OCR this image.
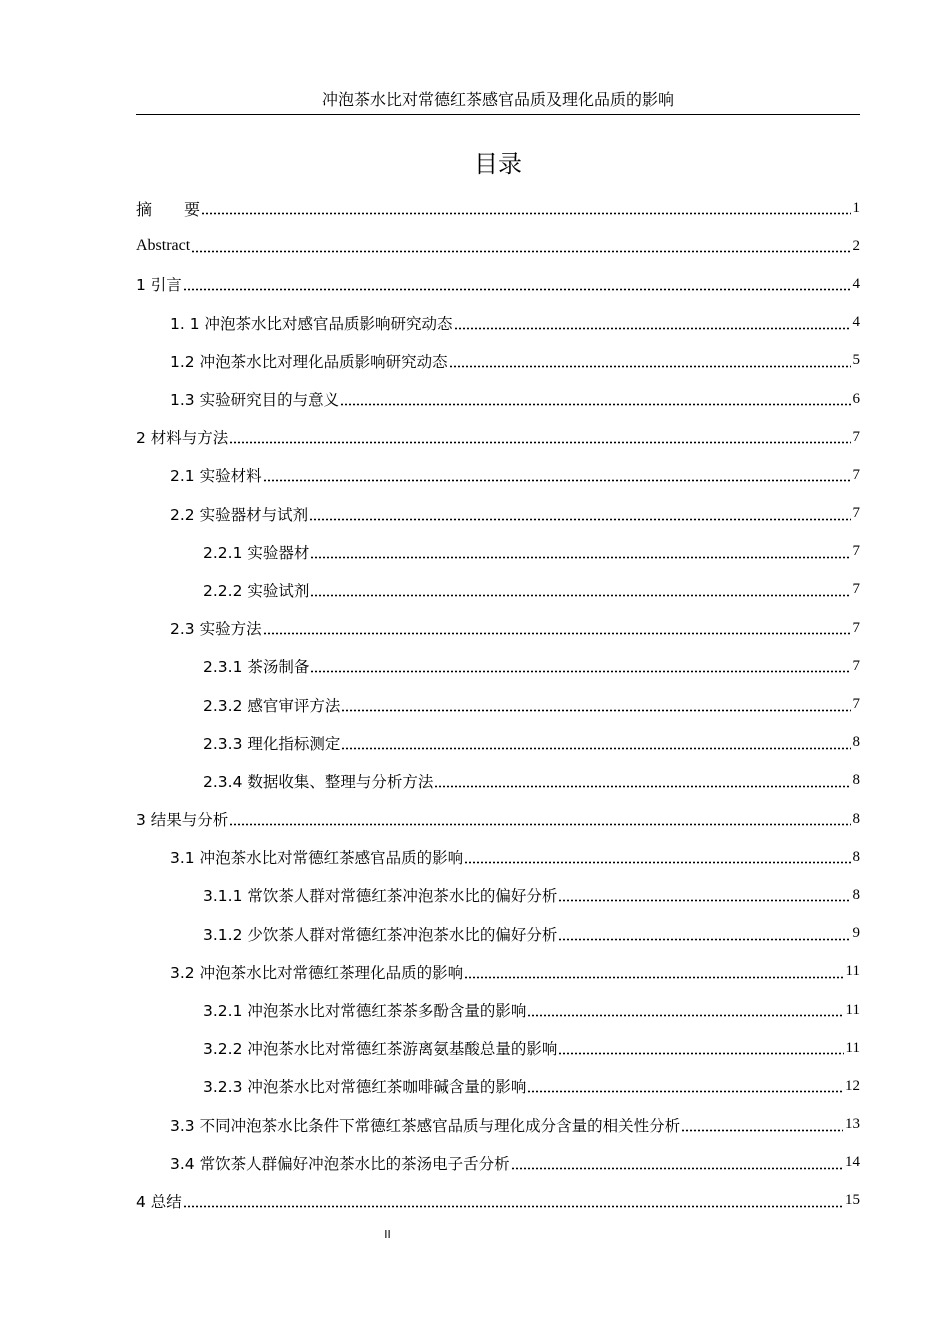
冲泡茶水比对常德红茶感官品质及理化品质的影响
目录
摘　　要	1
Abstract	2
1 引言	4
1. 1 冲泡茶水比对感官品质影响研究动态	4
1.2 冲泡茶水比对理化品质影响研究动态	5
1.3 实验研究目的与意义	6
2 材料与方法	7
2.1 实验材料	7
2.2 实验器材与试剂	7
2.2.1 实验器材	7
2.2.2 实验试剂	7
2.3 实验方法	7
2.3.1 茶汤制备	7
2.3.2 感官审评方法	7
2.3.3 理化指标测定	8
2.3.4 数据收集、整理与分析方法	8
3 结果与分析	8
3.1 冲泡茶水比对常德红茶感官品质的影响	8
3.1.1 常饮茶人群对常德红茶冲泡茶水比的偏好分析	8
3.1.2 少饮茶人群对常德红茶冲泡茶水比的偏好分析	9
3.2 冲泡茶水比对常德红茶理化品质的影响	11
3.2.1 冲泡茶水比对常德红茶茶多酚含量的影响	11
3.2.2 冲泡茶水比对常德红茶游离氨基酸总量的影响	11
3.2.3 冲泡茶水比对常德红茶咖啡碱含量的影响	12
3.3 不同冲泡茶水比条件下常德红茶感官品质与理化成分含量的相关性分析	13
3.4 常饮茶人群偏好冲泡茶水比的茶汤电子舌分析	14
4 总结	15
II
